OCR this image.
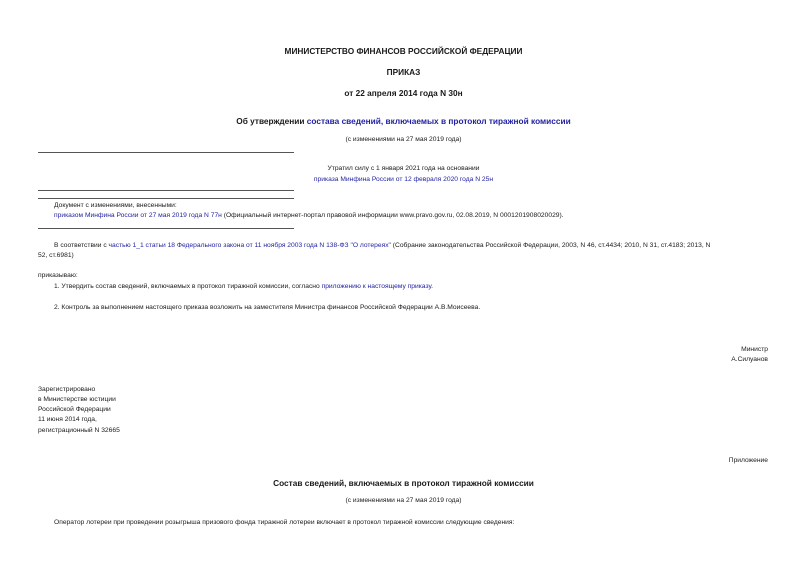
МИНИСТЕРСТВО ФИНАНСОВ РОССИЙСКОЙ ФЕДЕРАЦИИ
ПРИКАЗ
от 22 апреля 2014 года N 30н
Об утверждении состава сведений, включаемых в протокол тиражной комиссии
(с изменениями на 27 мая 2019 года)
Утратил силу с 1 января 2021 года на основании
приказа Минфина России от 12 февраля 2020 года N 25н
Документ с изменениями, внесенными:
приказом Минфина России от 27 мая 2019 года N 77н (Официальный интернет-портал правовой информации www.pravo.gov.ru, 02.08.2019, N 0001201908020029).
В соответствии с частью 1_1 статьи 18 Федерального закона от 11 ноября 2003 года N 138-ФЗ "О лотереях" (Собрание законодательства Российской Федерации, 2003, N 46, ст.4434; 2010, N 31, ст.4183; 2013, N
52, ст.6981)
приказываю:
1. Утвердить состав сведений, включаемых в протокол тиражной комиссии, согласно приложению к настоящему приказу.
2. Контроль за выполнением настоящего приказа возложить на заместителя Министра финансов Российской Федерации А.В.Моисеева.
Министр
А.Силуанов
Зарегистрировано
в Министерстве юстиции
Российской Федерации
11 июня 2014 года,
регистрационный N 32665
Приложение
Состав сведений, включаемых в протокол тиражной комиссии
(с изменениями на 27 мая 2019 года)
Оператор лотереи при проведении розыгрыша призового фонда тиражной лотереи включает в протокол тиражной комиссии следующие сведения:
